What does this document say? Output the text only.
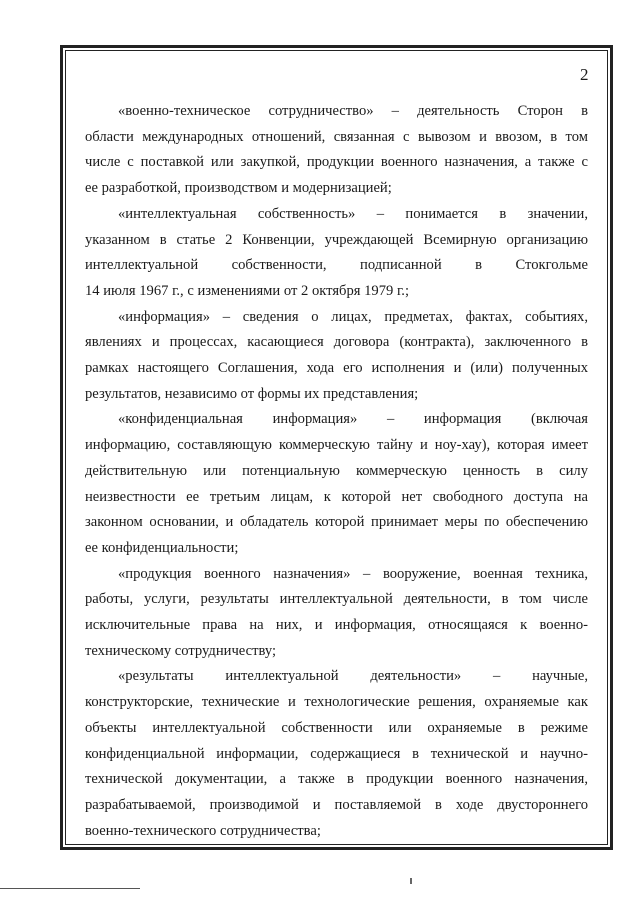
2

«военно-техническое сотрудничество» – деятельность Сторон в
области международных отношений, связанная с вывозом и ввозом, в том
числе с поставкой или закупкой, продукции военного назначения, а также с
ее разработкой, производством и модернизацией;

«интеллектуальная собственность» – понимается в значении,
указанном в статье 2 Конвенции, учреждающей Всемирную организацию
интеллектуальной собственности, подписанной в Стокгольме
14 июля 1967 г., с изменениями от 2 октября 1979 г.;

«информация» – сведения о лицах, предметах, фактах, событиях,
явлениях и процессах, касающиеся договора (контракта), заключенного в
рамках настоящего Соглашения, хода его исполнения и (или) полученных
результатов, независимо от формы их представления;

«конфиденциальная информация» – информация (включая
информацию, составляющую коммерческую тайну и ноу-хау), которая имеет
действительную или потенциальную коммерческую ценность в силу
неизвестности ее третьим лицам, к которой нет свободного доступа на
законном основании, и обладатель которой принимает меры по обеспечению
ее конфиденциальности;

«продукция военного назначения» – вооружение, военная техника,
работы, услуги, результаты интеллектуальной деятельности, в том числе
исключительные права на них, и информация, относящаяся к военно-
техническому сотрудничеству;

«результаты интеллектуальной деятельности» – научные,
конструкторские, технические и технологические решения, охраняемые как
объекты интеллектуальной собственности или охраняемые в режиме
конфиденциальной информации, содержащиеся в технической и научно-
технической документации, а также в продукции военного назначения,
разрабатываемой, производимой и поставляемой в ходе двустороннего
военно-технического сотрудничества;
